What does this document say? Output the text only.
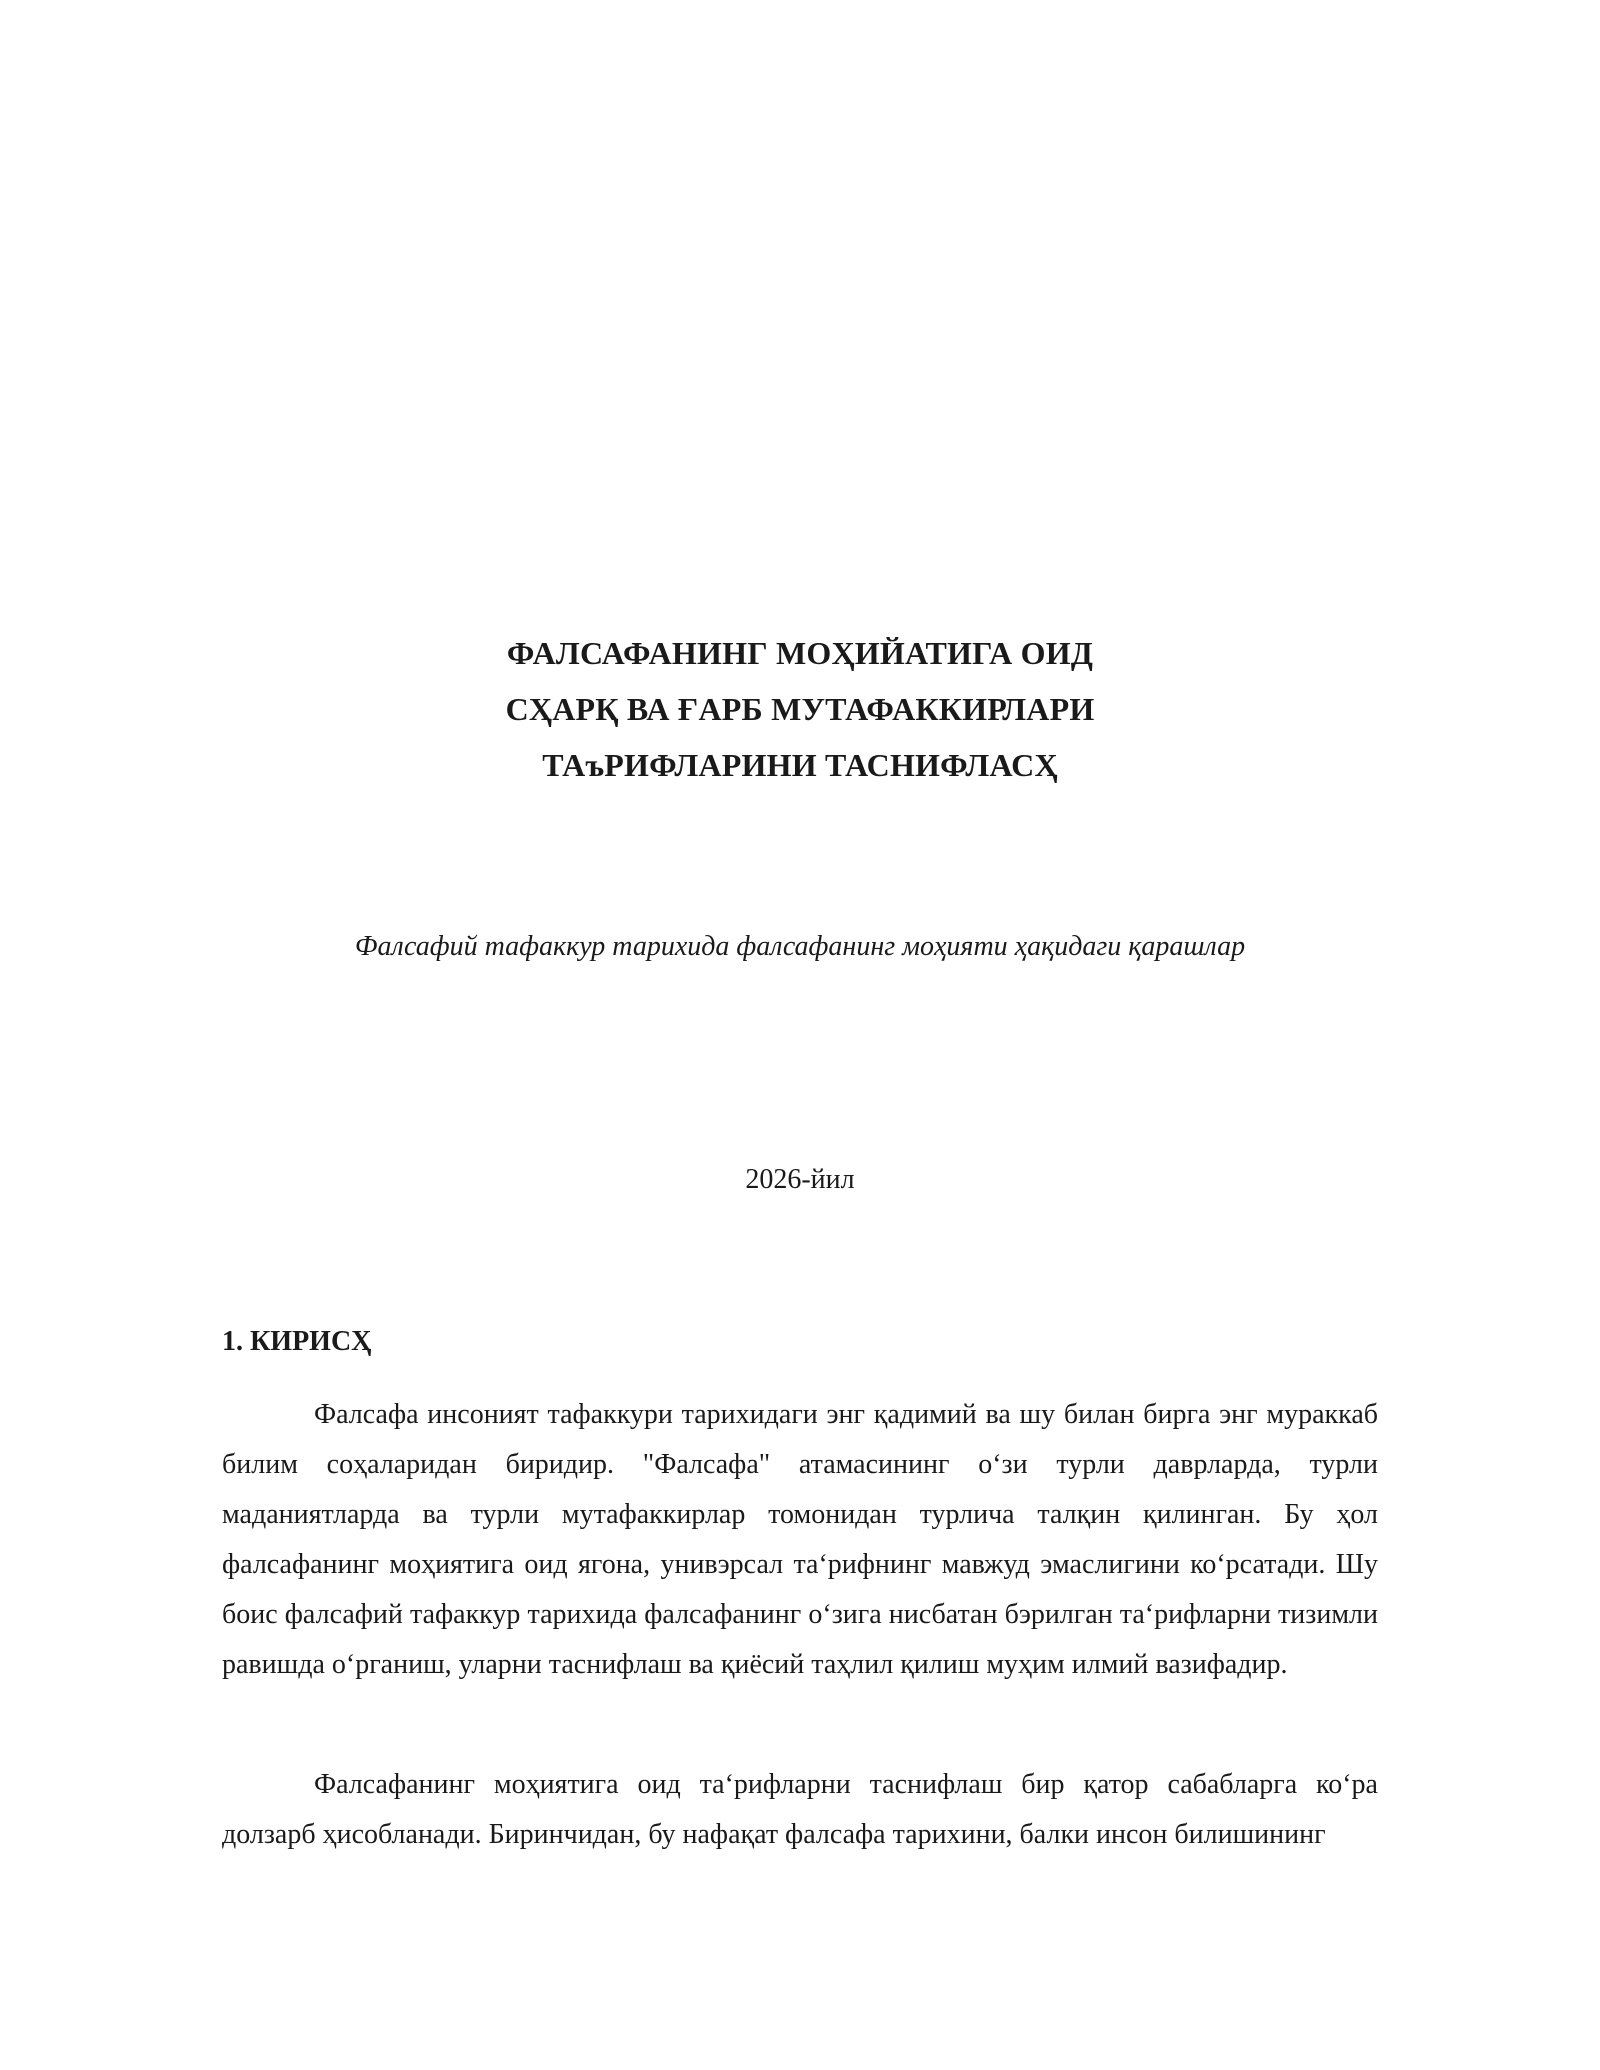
ФАЛСАФАНИНГ МОҲИЙАТИГА ОИД
СҲАРҚ ВА ҒАРБ МУТАФАККИРЛАРИ
ТАъРИФЛАРИНИ ТАСНИФЛАСҲ
Фалсафий тафаккур тарихида фалсафанинг моҳияти ҳақидаги қарашлар
2026-йил
1. КИРИСҲ

Фалсафа инсоният тафаккури тарихидаги энг қадимий ва шу билан бирга энг мураккаб билим соҳаларидан биридир. "Фалсафа" атамасининг оʻзи турли даврларда, турли маданиятларда ва турли мутафаккирлар томонидан турлича талқин қилинган. Бу ҳол фалсафанинг моҳиятига оид ягона, унивэрсал таʻрифнинг мавжуд эмаслигини коʻрсатади. Шу боис фалсафий тафаккур тарихида фалсафанинг оʻзига нисбатан бэрилган таʻрифларни тизимли равишда оʻрганиш, уларни таснифлаш ва қиёсий таҳлил қилиш муҳим илмий вазифадир.

Фалсафанинг моҳиятига оид таʻрифларни таснифлаш бир қатор сабабларга коʻра долзарб ҳисобланади. Биринчидан, бу нафақат фалсафа тарихини, балки инсон билишининг
